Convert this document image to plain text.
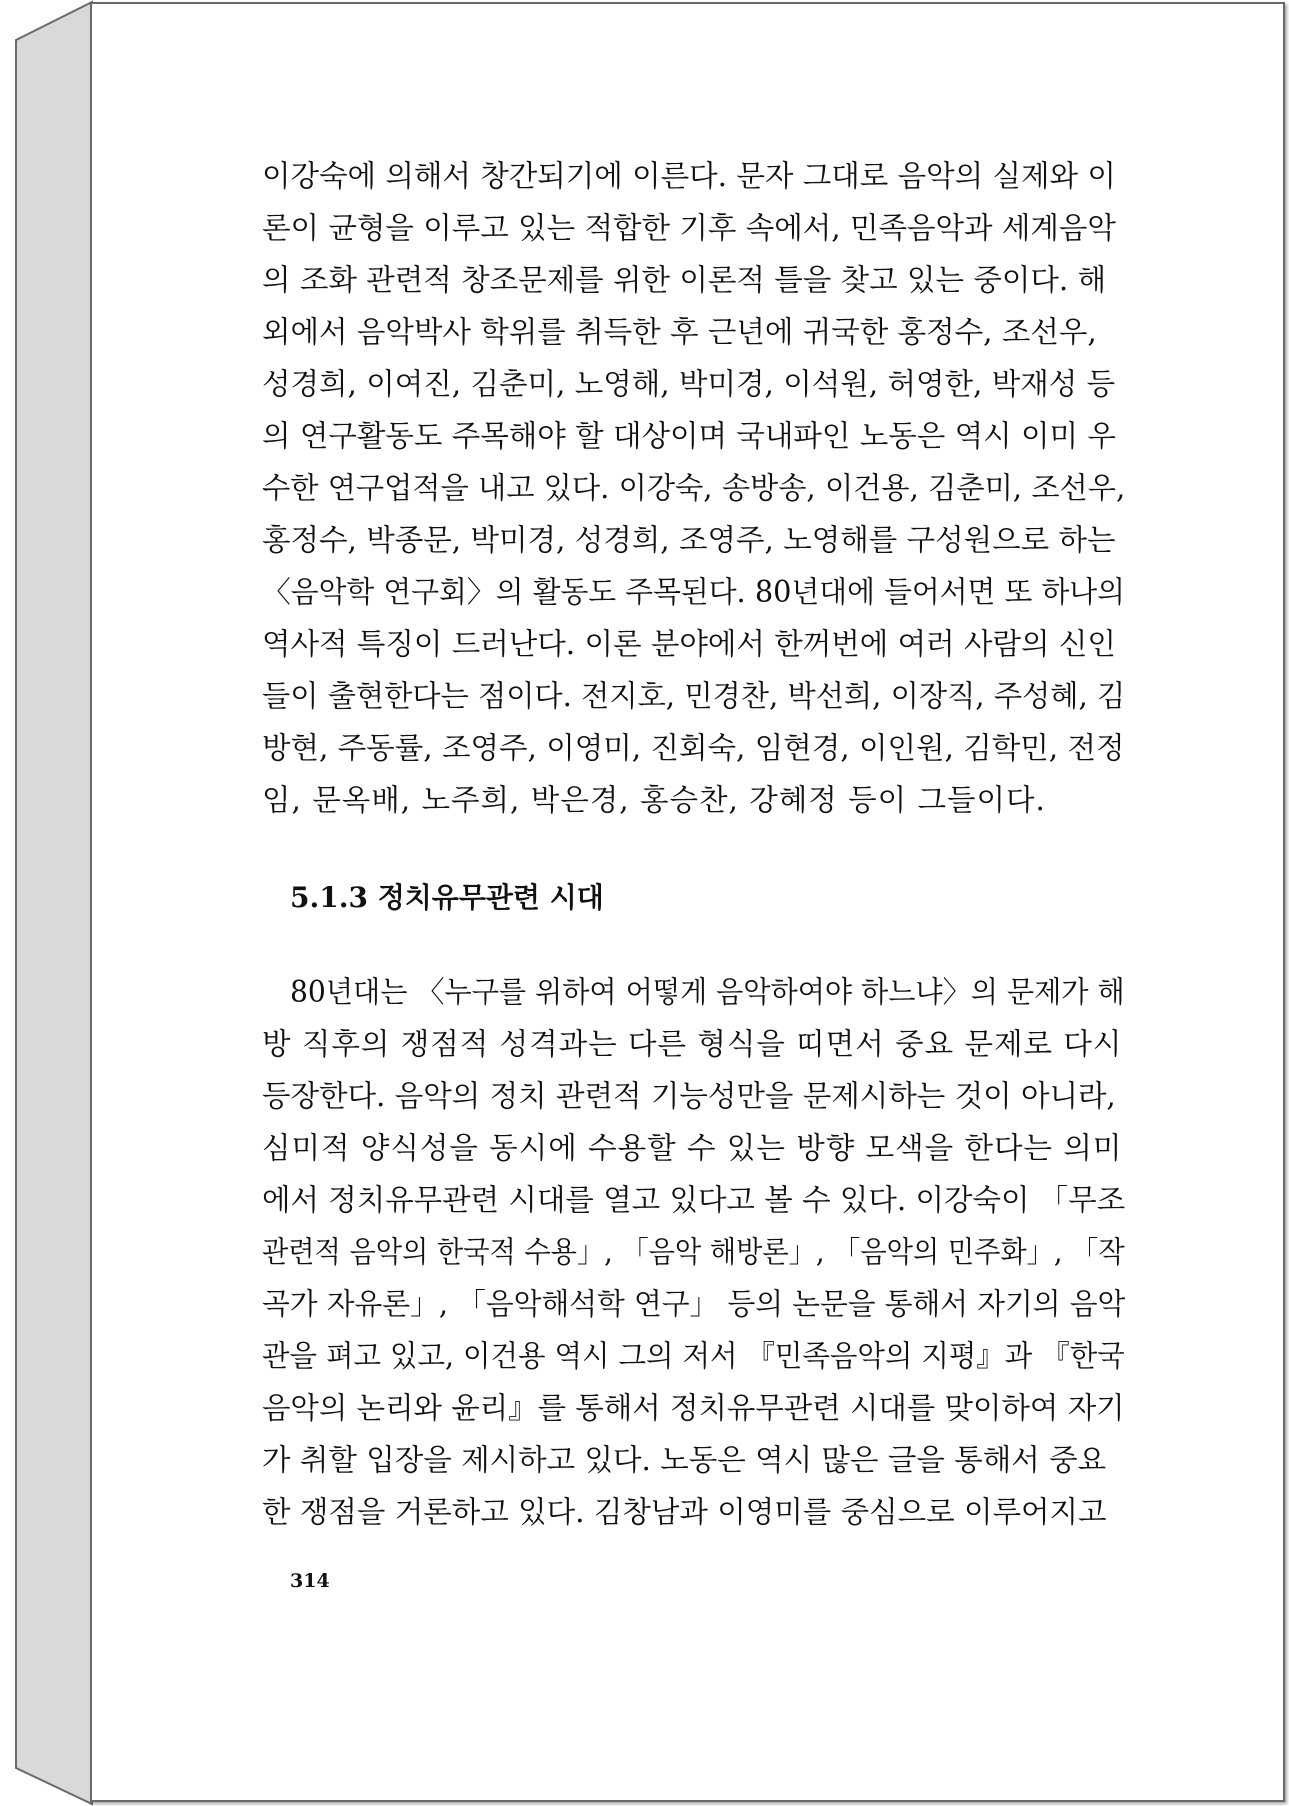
이강숙에 의해서 창간되기에 이른다. 문자 그대로 음악의 실제와 이

론이 균형을 이루고 있는 적합한 기후 속에서, 민족음악과 세계음악

의 조화 관련적 창조문제를 위한 이론적 틀을 찾고 있는 중이다. 해

외에서 음악박사 학위를 취득한 후 근년에 귀국한 홍정수, 조선우,

성경희, 이여진, 김춘미, 노영해, 박미경, 이석원, 허영한, 박재성 등

의 연구활동도 주목해야 할 대상이며 국내파인 노동은 역시 이미 우

수한 연구업적을 내고 있다. 이강숙, 송방송, 이건용, 김춘미, 조선우,

홍정수, 박종문, 박미경, 성경희, 조영주, 노영해를 구성원으로 하는

〈음악학 연구회〉의 활동도 주목된다. 80년대에 들어서면 또 하나의

역사적 특징이 드러난다. 이론 분야에서 한꺼번에 여러 사람의 신인

들이 출현한다는 점이다. 전지호, 민경찬, 박선희, 이장직, 주성혜, 김

방현, 주동률, 조영주, 이영미, 진회숙, 임현경, 이인원, 김학민, 전정

임, 문옥배, 노주희, 박은경, 홍승찬, 강혜정 등이 그들이다.

5.1.3 정치유무관련 시대

80년대는 〈누구를 위하여 어떻게 음악하여야 하느냐〉의 문제가 해

방 직후의 쟁점적 성격과는 다른 형식을 띠면서 중요 문제로 다시

등장한다. 음악의 정치 관련적 기능성만을 문제시하는 것이 아니라,

심미적 양식성을 동시에 수용할 수 있는 방향 모색을 한다는 의미

에서 정치유무관련 시대를 열고 있다고 볼 수 있다. 이강숙이 「무조

관련적 음악의 한국적 수용」, 「음악 해방론」, 「음악의 민주화」, 「작

곡가 자유론」, 「음악해석학 연구」 등의 논문을 통해서 자기의 음악

관을 펴고 있고, 이건용 역시 그의 저서 『민족음악의 지평』과 『한국

음악의 논리와 윤리』를 통해서 정치유무관련 시대를 맞이하여 자기

가 취할 입장을 제시하고 있다. 노동은 역시 많은 글을 통해서 중요

한 쟁점을 거론하고 있다. 김창남과 이영미를 중심으로 이루어지고

314
